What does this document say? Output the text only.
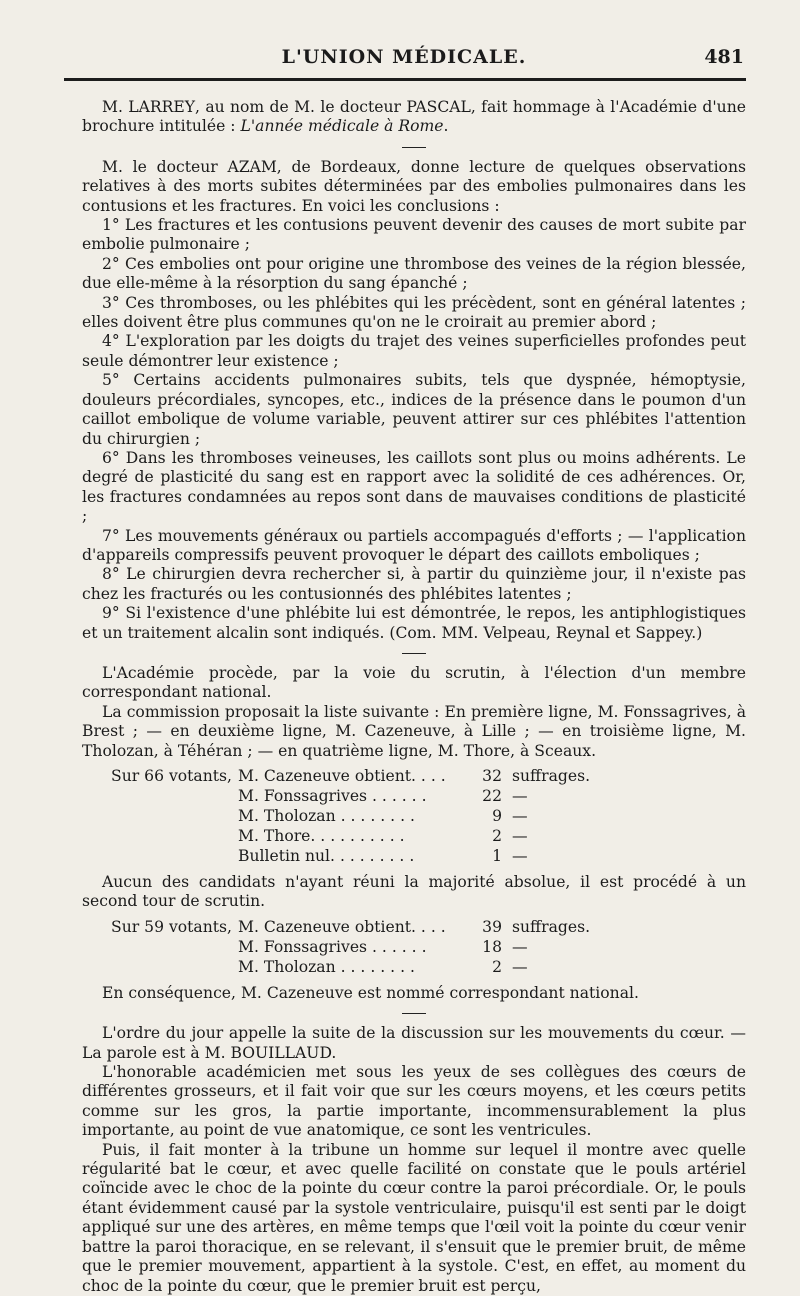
L'UNION MÉDICALE.	481

M. LARREY, au nom de M. le docteur PASCAL, fait hommage à l'Académie d'une brochure intitulée : L'année médicale à Rome.

M. le docteur AZAM, de Bordeaux, donne lecture de quelques observations relatives à des morts subites déterminées par des embolies pulmonaires dans les contusions et les fractures. En voici les conclusions :

1° Les fractures et les contusions peuvent devenir des causes de mort subite par embolie pulmonaire ;

2° Ces embolies ont pour origine une thrombose des veines de la région blessée, due elle-même à la résorption du sang épanché ;

3° Ces thromboses, ou les phlébites qui les précèdent, sont en général latentes ; elles doivent être plus communes qu'on ne le croirait au premier abord ;

4° L'exploration par les doigts du trajet des veines superficielles profondes peut seule démontrer leur existence ;

5° Certains accidents pulmonaires subits, tels que dyspnée, hémoptysie, douleurs précordiales, syncopes, etc., indices de la présence dans le poumon d'un caillot embolique de volume variable, peuvent attirer sur ces phlébites l'attention du chirurgien ;

6° Dans les thromboses veineuses, les caillots sont plus ou moins adhérents. Le degré de plasticité du sang est en rapport avec la solidité de ces adhérences. Or, les fractures condamnées au repos sont dans de mauvaises conditions de plasticité ;

7° Les mouvements généraux ou partiels accompagués d'efforts ; — l'application d'appareils compressifs peuvent provoquer le départ des caillots emboliques ;

8° Le chirurgien devra rechercher si, à partir du quinzième jour, il n'existe pas chez les fracturés ou les contusionnés des phlébites latentes ;

9° Si l'existence d'une phlébite lui est démontrée, le repos, les antiphlogistiques et un traitement alcalin sont indiqués. (Com. MM. Velpeau, Reynal et Sappey.)

L'Académie procède, par la voie du scrutin, à l'élection d'un membre correspondant national.

La commission proposait la liste suivante : En première ligne, M. Fonssagrives, à Brest ; — en deuxième ligne, M. Cazeneuve, à Lille ; — en troisième ligne, M. Tholozan, à Téhéran ; — en quatrième ligne, M. Thore, à Sceaux.

Sur 66 votants, M. Cazeneuve obtient. . . .	32 suffrages.
M. Fonssagrives . . . . . .	22 —
M. Tholozan . . . . . . . .	9 —
M. Thore. . . . . . . . . .	2 —
Bulletin nul. . . . . . . . .	1 —

Aucun des candidats n'ayant réuni la majorité absolue, il est procédé à un second tour de scrutin.

Sur 59 votants, M. Cazeneuve obtient. . . .	39 suffrages.
M. Fonssagrives . . . . . .	18 —
M. Tholozan . . . . . . . .	2 —

En conséquence, M. Cazeneuve est nommé correspondant national.

L'ordre du jour appelle la suite de la discussion sur les mouvements du cœur. — La parole est à M. BOUILLAUD.

L'honorable académicien met sous les yeux de ses collègues des cœurs de différentes grosseurs, et il fait voir que sur les cœurs moyens, et les cœurs petits comme sur les gros, la partie importante, incommensurablement la plus importante, au point de vue anatomique, ce sont les ventricules.

Puis, il fait monter à la tribune un homme sur lequel il montre avec quelle régularité bat le cœur, et avec quelle facilité on constate que le pouls artériel coïncide avec le choc de la pointe du cœur contre la paroi précordiale. Or, le pouls étant évidemment causé par la systole ventriculaire, puisqu'il est senti par le doigt appliqué sur une des artères, en même temps que l'œil voit la pointe du cœur venir battre la paroi thoracique, en se relevant, il s'ensuit que le premier bruit, de même que le premier mouvement, appartient à la systole. C'est, en effet, au moment du choc de la pointe du cœur, que le premier bruit est perçu,
